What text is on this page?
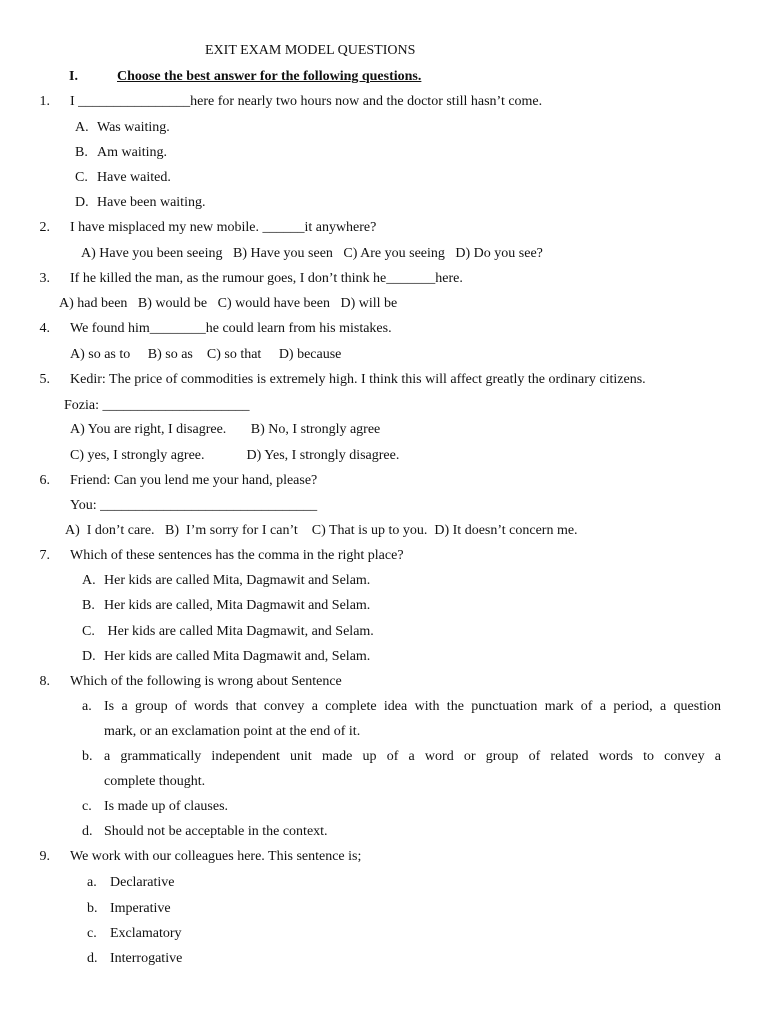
EXIT EXAM MODEL QUESTIONS
I.	Choose the best answer for the following questions.
1. I ________________here for nearly two hours now and the doctor still hasn’t come.
A. Was waiting.
B. Am waiting.
C. Have waited.
D. Have been waiting.
2. I have misplaced my new mobile. ______it anywhere?
A) Have you been seeing   B) Have you seen   C) Are you seeing   D) Do you see?
3. If he killed the man, as the rumour goes, I don’t think he_______here.
A) had been   B) would be   C) would have been   D) will be
4. We found him________he could learn from his mistakes.
A) so as to     B) so as    C) so that     D) because
5. Kedir: The price of commodities is extremely high. I think this will affect greatly the ordinary citizens.
Fozia: _____________________
A) You are right, I disagree.       B) No, I strongly agree
C) yes, I strongly agree.            D) Yes, I strongly disagree.
6. Friend: Can you lend me your hand, please?
You: _______________________________
A)  I don’t care.   B)  I’m sorry for I can’t    C) That is up to you.  D) It doesn’t concern me.
7. Which of these sentences has the comma in the right place?
A. Her kids are called Mita, Dagmawit and Selam.
B. Her kids are called, Mita Dagmawit and Selam.
C. Her kids are called Mita Dagmawit, and Selam.
D. Her kids are called Mita Dagmawit and, Selam.
8. Which of the following is wrong about Sentence
a. Is a group of words that convey a complete idea with the punctuation mark of a period, a question
mark, or an exclamation point at the end of it.
b. a grammatically independent unit made up of a word or group of related words to convey a
complete thought.
c. Is made up of clauses.
d. Should not be acceptable in the context.
9. We work with our colleagues here. This sentence is;
a. Declarative
b. Imperative
c. Exclamatory
d. Interrogative
